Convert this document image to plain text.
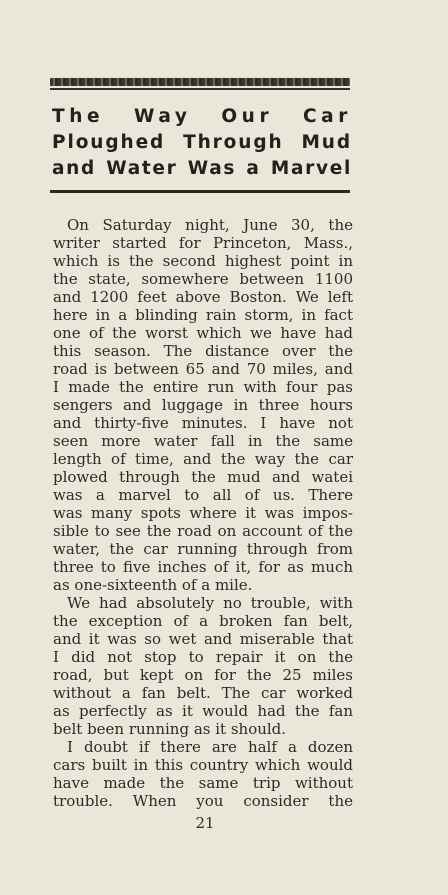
The Way Our Car
Ploughed Through Mud
and Water Was a Marvel
On Saturday night, June 30, the
writer started for Princeton, Mass.,
which is the second highest point in
the state, somewhere between 1100
and 1200 feet above Boston. We left
here in a blinding rain storm, in fact
one of the worst which we have had
this season. The distance over the
road is between 65 and 70 miles, and
I made the entire run with four pas
sengers and luggage in three hours
and thirty-five minutes. I have not
seen more water fall in the same
length of time, and the way the car
plowed through the mud and watei
was a marvel to all of us. There
was many spots where it was impos-
sible to see the road on account of the
water, the car running through from
three to five inches of it, for as much
as one-sixteenth of a mile.
We had absolutely no trouble, with
the exception of a broken fan belt,
and it was so wet and miserable that
I did not stop to repair it on the
road, but kept on for the 25 miles
without a fan belt. The car worked
as perfectly as it would had the fan
belt been running as it should.
I doubt if there are half a dozen
cars built in this country which would
have made the same trip without
trouble. When you consider the
21
